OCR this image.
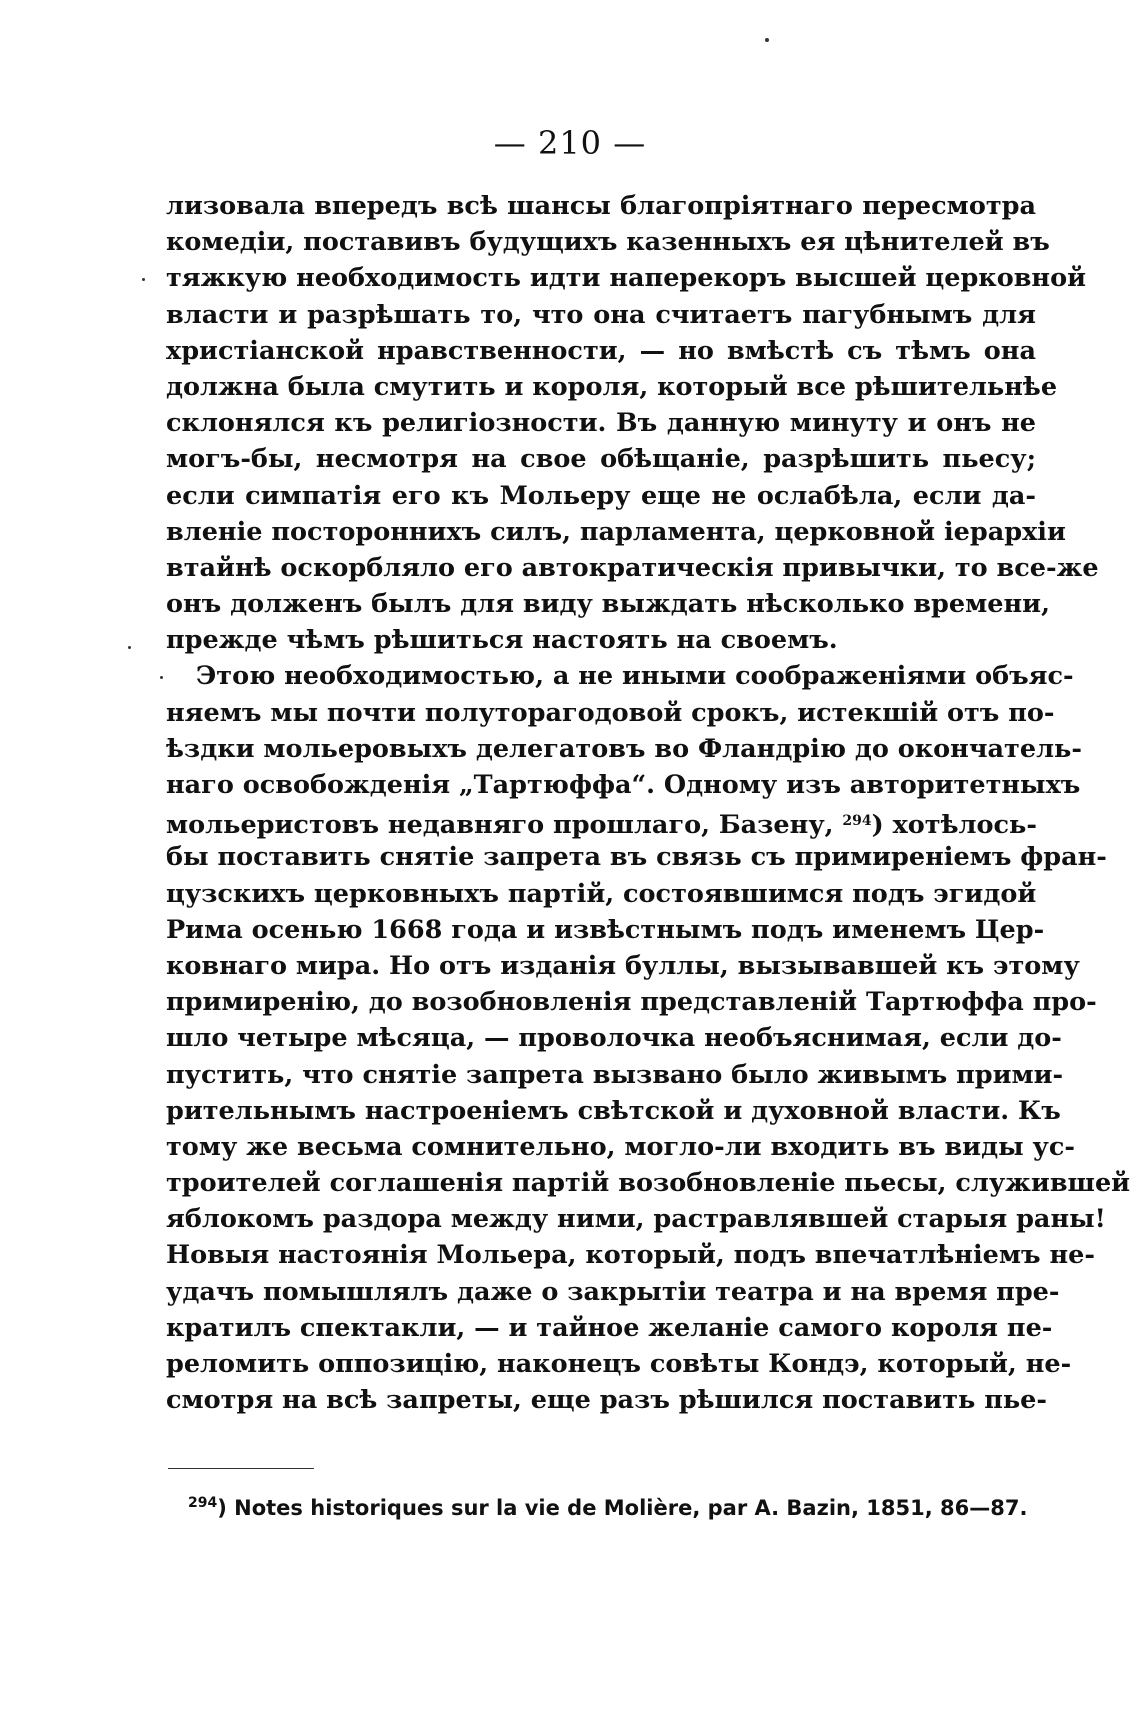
— 210 —
лизовала впередъ всѣ шансы благопріятнаго пересмотра
комедіи, поставивъ будущихъ казенныхъ ея цѣнителей въ
тяжкую необходимость идти наперекоръ высшей церковной
власти и разрѣшать то, что она считаетъ пагубнымъ для
христіанской нравственности, — но вмѣстѣ съ тѣмъ она
должна была смутить и короля, который все рѣшительнѣе
склонялся къ религіозности. Въ данную минуту и онъ не
могъ-бы, несмотря на свое обѣщаніе, разрѣшить пьесу;
если симпатія его къ Мольеру еще не ослабѣла, если да-
вленіе постороннихъ силъ, парламента, церковной іерархіи
втайнѣ оскорбляло его автократическія привычки, то все-же
онъ долженъ былъ для виду выждать нѣсколько времени,
прежде чѣмъ рѣшиться настоять на своемъ.
Этою необходимостью, а не иными соображеніями объяс-
няемъ мы почти полуторагодовой срокъ, истекшій отъ по-
ѣздки мольеровыхъ делегатовъ во Фландрію до окончатель-
наго освобожденія „Тартюффа“. Одному изъ авторитетныхъ
мольеристовъ недавняго прошлаго, Базену, $^{294}$) хотѣлось-
бы поставить снятіе запрета въ связь съ примиреніемъ фран-
цузскихъ церковныхъ партій, состоявшимся подъ эгидой
Рима осенью 1668 года и извѣстнымъ подъ именемъ Цер-
ковнаго мира. Но отъ изданія буллы, вызывавшей къ этому
примиренію, до возобновленія представленій Тартюффа про-
шло четыре мѣсяца, — проволочка необъяснимая, если до-
пустить, что снятіе запрета вызвано было живымъ прими-
рительнымъ настроеніемъ свѣтской и духовной власти. Къ
тому же весьма сомнительно, могло-ли входить въ виды ус-
троителей соглашенія партій возобновленіе пьесы, служившей
яблокомъ раздора между ними, растравлявшей старыя раны!
Новыя настоянія Мольера, который, подъ впечатлѣніемъ не-
удачъ помышлялъ даже о закрытіи театра и на время пре-
кратилъ спектакли, — и тайное желаніе самого короля пе-
реломить оппозицію, наконецъ совѣты Кондэ, который, не-
смотря на всѣ запреты, еще разъ рѣшился поставить пье-
$^{294}$) Notes historiques sur la vie de Molière, par A. Bazin, 1851, 86—87.
